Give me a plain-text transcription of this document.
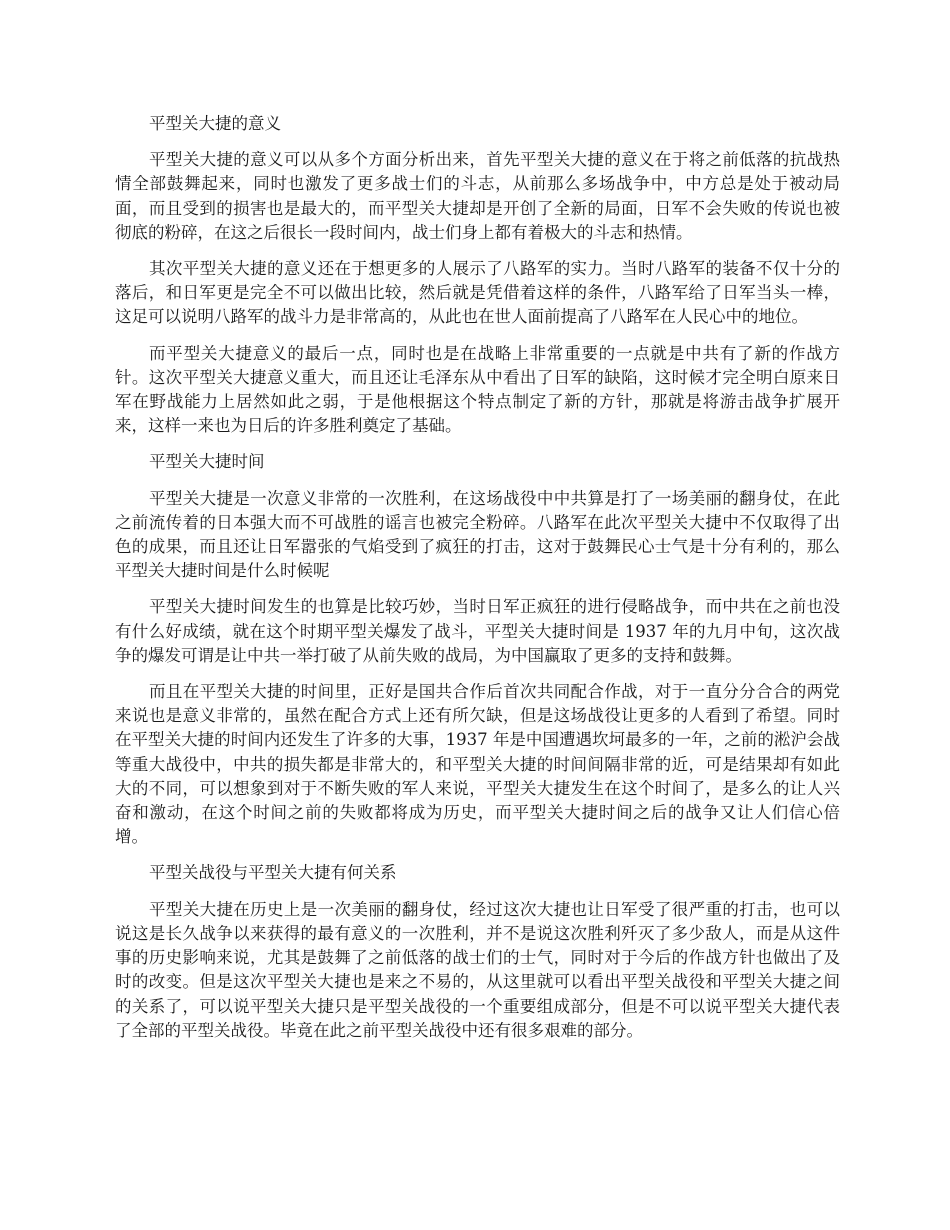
平型关大捷的意义

平型关大捷的意义可以从多个方面分析出来，首先平型关大捷的意义在于将之前低落的抗战热情全部鼓舞起来，同时也激发了更多战士们的斗志，从前那么多场战争中，中方总是处于被动局面，而且受到的损害也是最大的，而平型关大捷却是开创了全新的局面，日军不会失败的传说也被彻底的粉碎，在这之后很长一段时间内，战士们身上都有着极大的斗志和热情。

其次平型关大捷的意义还在于想更多的人展示了八路军的实力。当时八路军的装备不仅十分的落后，和日军更是完全不可以做出比较，然后就是凭借着这样的条件，八路军给了日军当头一棒，这足可以说明八路军的战斗力是非常高的，从此也在世人面前提高了八路军在人民心中的地位。

而平型关大捷意义的最后一点，同时也是在战略上非常重要的一点就是中共有了新的作战方针。这次平型关大捷意义重大，而且还让毛泽东从中看出了日军的缺陷，这时候才完全明白原来日军在野战能力上居然如此之弱，于是他根据这个特点制定了新的方针，那就是将游击战争扩展开来，这样一来也为日后的许多胜利奠定了基础。

平型关大捷时间

平型关大捷是一次意义非常的一次胜利，在这场战役中中共算是打了一场美丽的翻身仗，在此之前流传着的日本强大而不可战胜的谣言也被完全粉碎。八路军在此次平型关大捷中不仅取得了出色的成果，而且还让日军嚣张的气焰受到了疯狂的打击，这对于鼓舞民心士气是十分有利的，那么平型关大捷时间是什么时候呢

平型关大捷时间发生的也算是比较巧妙，当时日军正疯狂的进行侵略战争，而中共在之前也没有什么好成绩，就在这个时期平型关爆发了战斗，平型关大捷时间是 1937 年的九月中旬，这次战争的爆发可谓是让中共一举打破了从前失败的战局，为中国赢取了更多的支持和鼓舞。

而且在平型关大捷的时间里，正好是国共合作后首次共同配合作战，对于一直分分合合的两党来说也是意义非常的，虽然在配合方式上还有所欠缺，但是这场战役让更多的人看到了希望。同时在平型关大捷的时间内还发生了许多的大事，1937 年是中国遭遇坎坷最多的一年，之前的淞沪会战等重大战役中，中共的损失都是非常大的，和平型关大捷的时间间隔非常的近，可是结果却有如此大的不同，可以想象到对于不断失败的军人来说，平型关大捷发生在这个时间了，是多么的让人兴奋和激动，在这个时间之前的失败都将成为历史，而平型关大捷时间之后的战争又让人们信心倍增。

平型关战役与平型关大捷有何关系

平型关大捷在历史上是一次美丽的翻身仗，经过这次大捷也让日军受了很严重的打击，也可以说这是长久战争以来获得的最有意义的一次胜利，并不是说这次胜利歼灭了多少敌人，而是从这件事的历史影响来说，尤其是鼓舞了之前低落的战士们的士气，同时对于今后的作战方针也做出了及时的改变。但是这次平型关大捷也是来之不易的，从这里就可以看出平型关战役和平型关大捷之间的关系了，可以说平型关大捷只是平型关战役的一个重要组成部分，但是不可以说平型关大捷代表了全部的平型关战役。毕竟在此之前平型关战役中还有很多艰难的部分。
